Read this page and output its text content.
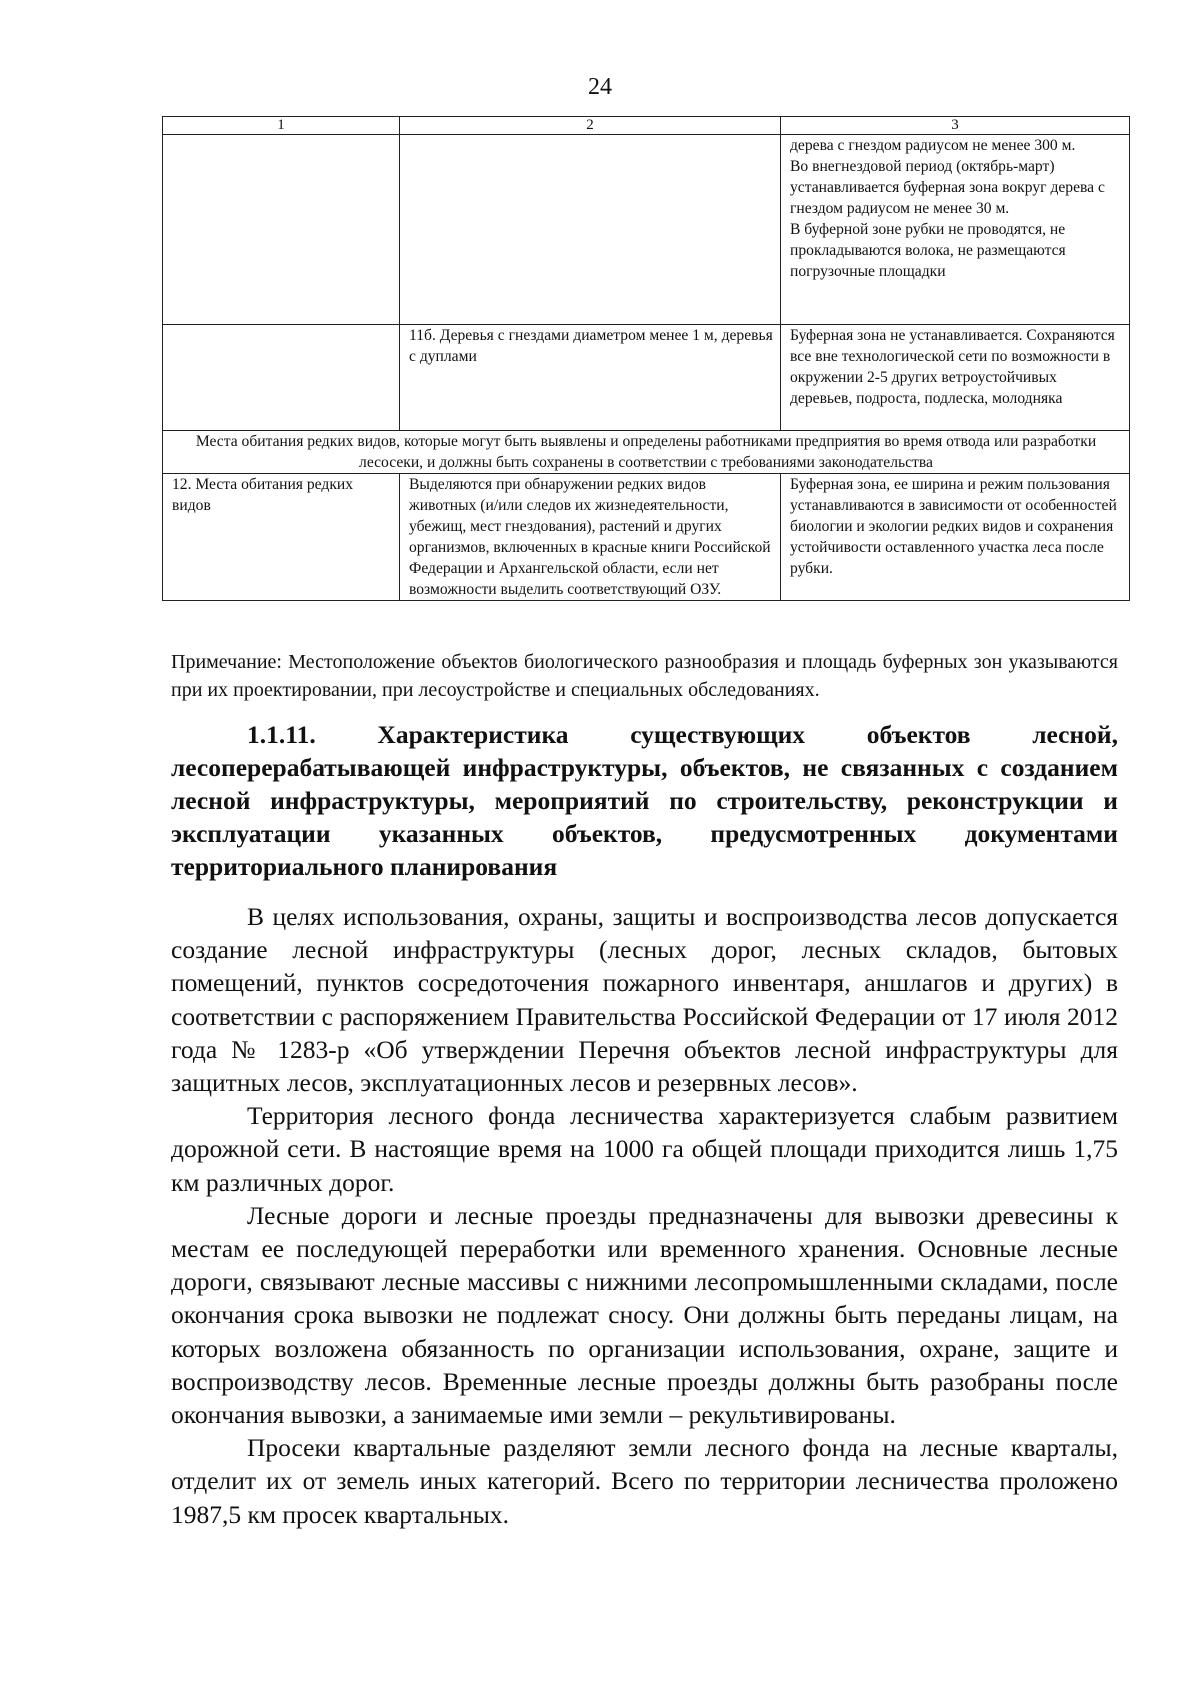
24
1	2	3

		дерева с гнездом радиусом не менее 300 м.
Во внегнездовой период (октябрь-март) устанавливается буферная зона вокруг дерева с гнездом радиусом не менее 30 м.
В буферной зоне рубки не проводятся, не прокладываются волока, не размещаются погрузочные площадки

	11б. Деревья с гнездами диаметром менее 1 м, деревья с дуплами	Буферная зона не устанавливается. Сохраняются все вне технологической сети по возможности в окружении 2-5 других ветроустойчивых деревьев, подроста, подлеска, молодняка
Места обитания редких видов, которые могут быть выявлены и определены работниками предприятия во время отвода или разработки лесосеки, и должны быть сохранены в соответствии с требованиями законодательства		
12. Места обитания редких видов	Выделяются при обнаружении редких видов животных (и/или следов их жизнедеятельности, убежищ, мест гнездования), растений и других организмов, включенных в красные книги Российской Федерации и Архангельской области, если нет возможности выделить соответствующий ОЗУ.	Буферная зона, ее ширина и режим пользования устанавливаются в зависимости от особенностей биологии и экологии редких видов и сохранения устойчивости оставленного участка леса после рубки.
Примечание: Местоположение объектов биологического разнообразия и площадь буферных зон указываются при их проектировании, при лесоустройстве и специальных обследованиях.
1.1.11. Характеристика существующих объектов лесной, лесоперерабатывающей инфраструктуры, объектов, не связанных с созданием лесной инфраструктуры, мероприятий по строительству, реконструкции и эксплуатации указанных объектов, предусмотренных документами территориального планирования

В целях использования, охраны, защиты и воспроизводства лесов допускается создание лесной инфраструктуры (лесных дорог, лесных складов, бытовых помещений, пунктов сосредоточения пожарного инвентаря, аншлагов и других) в соответствии с распоряжением Правительства Российской Федерации от 17 июля 2012 года № 1283-р «Об утверждении Перечня объектов лесной инфраструктуры для защитных лесов, эксплуатационных лесов и резервных лесов».

Территория лесного фонда лесничества характеризуется слабым развитием дорожной сети. В настоящие время на 1000 га общей площади приходится лишь 1,75 км различных дорог.

Лесные дороги и лесные проезды предназначены для вывозки древесины к местам ее последующей переработки или временного хранения. Основные лесные дороги, связывают лесные массивы с нижними лесопромышленными складами, после окончания срока вывозки не подлежат сносу. Они должны быть переданы лицам, на которых возложена обязанность по организации использования, охране, защите и воспроизводству лесов. Временные лесные проезды должны быть разобраны после окончания вывозки, а занимаемые ими земли – рекультивированы.

Просеки квартальные разделяют земли лесного фонда на лесные кварталы, отделит их от земель иных категорий. Всего по территории лесничества проложено 1987,5 км просек квартальных.
